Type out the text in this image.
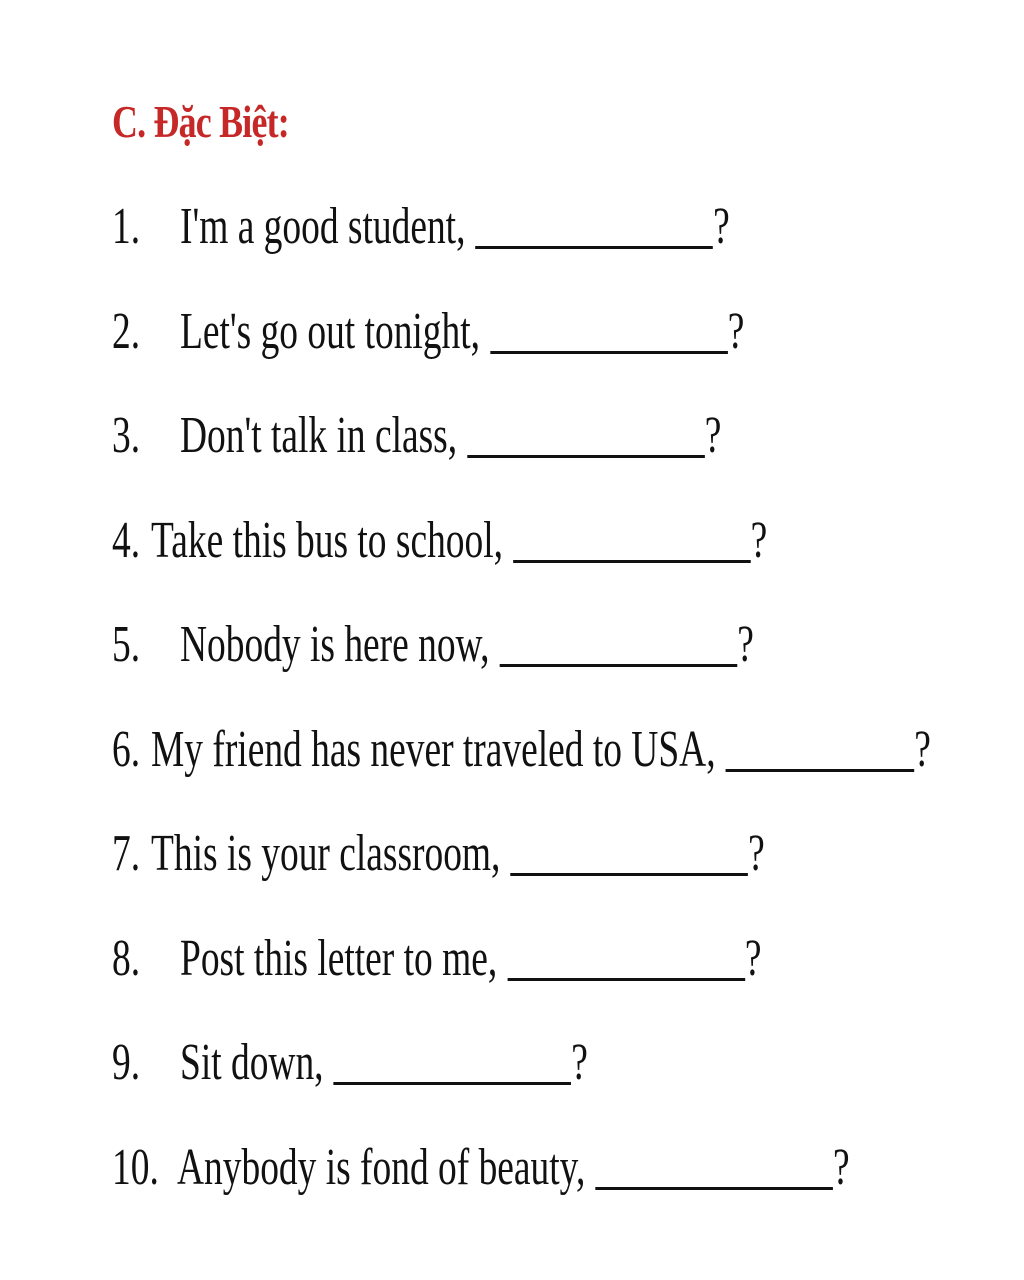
C. Đặc Biệt:
1. I'm a good student,	?
2. Let's go out tonight,	?
3. Don't talk in class,	?
4. Take this bus to school,	?
5. Nobody is here now,	?
6. My friend has never traveled to USA,	?
7. This is your classroom,	?
8. Post this letter to me,	?
9. Sit down,	?
10. Anybody is fond of beauty,	?
